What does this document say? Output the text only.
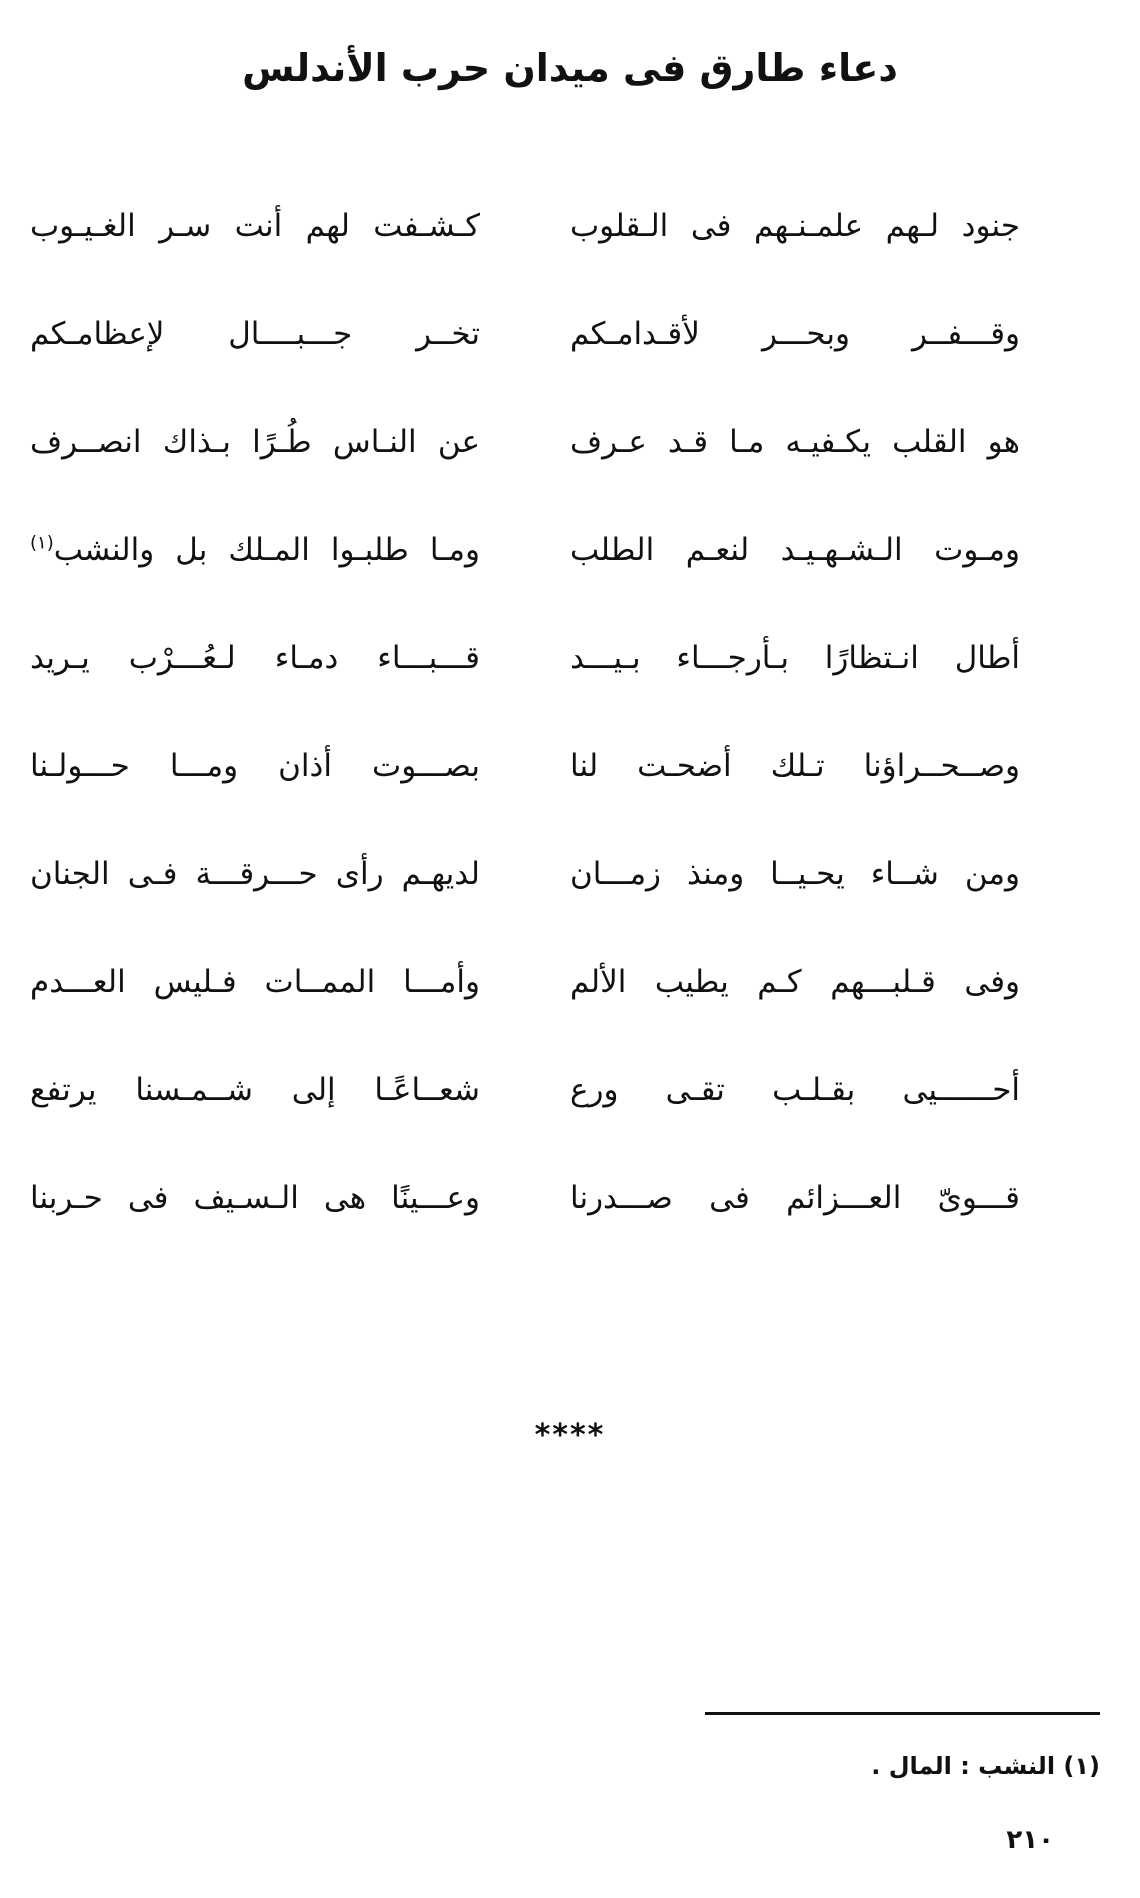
دعاء طارق فى ميدان حرب الأندلس
جنود لـهم علمـنـهم فى الـقلوب
كـشـفت لهم أنت سـر الغـيـوب
وقـــفــر وبحـــر لأقـدامـكم
تخــر جـــبــــال لإعظامـكم
هو القلب يكـفيـه مـا قـد عـرف
عن النـاس طُـرًا بـذاك انصــرف
ومـوت الـشـهـيـد لنعـم الطلب
ومـا طلبـوا المـلك بل والنشب$^{(١)}$
أطال انـتظارًا بـأرجـــاء بـيـــد
قـــبـــاء دمـاء لـعُـــرْب يـريد
وصــحــراؤنا تـلك أضحـت لنا
بصـــوت أذان ومـــا حـــولـنا
ومن شــاء يحـيــا ومنذ زمـــان
لديهـم رأى حـــرقـــة فـى الجنان
وفى قـلبـــهم كـم يطيب الألم
وأمـــا الممــات فـليس العـــدم
أحــــــيى بقـلـب تقـى ورع
شعــاعًـا إلى شــمـسنا يرتفع
قـــوىّ العـــزائم فى صـــدرنا
وعـــينًا هى الـسـيف فى حـربنا
****
(١) النشب : المال .
٢١٠
